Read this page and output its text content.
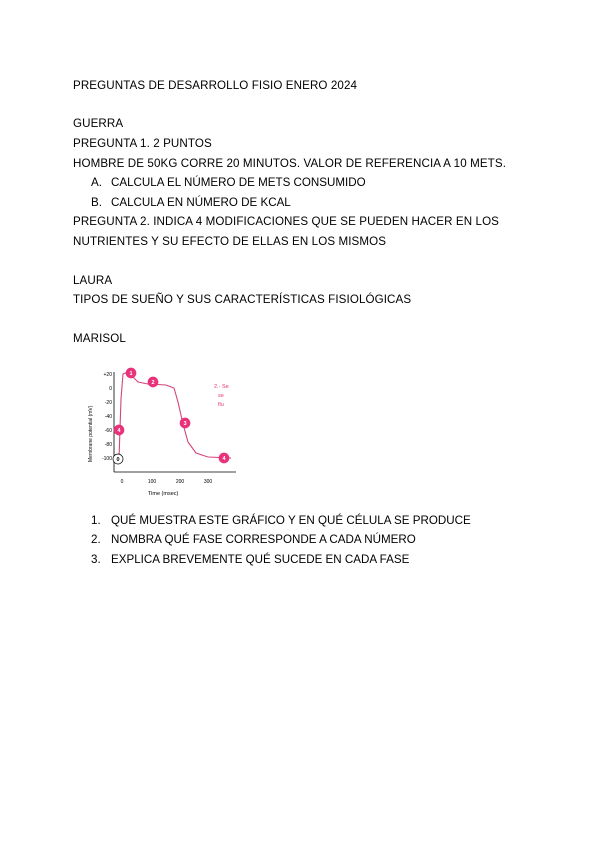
PREGUNTAS DE DESARROLLO FISIO ENERO 2024
GUERRA
PREGUNTA 1. 2 PUNTOS
HOMBRE DE 50KG CORRE 20 MINUTOS. VALOR DE REFERENCIA A 10 METS.
A. CALCULA EL NÚMERO DE METS CONSUMIDO
B. CALCULA EN NÚMERO DE KCAL
PREGUNTA 2. INDICA 4 MODIFICACIONES QUE SE PUEDEN HACER EN LOS
NUTRIENTES Y SU EFECTO DE ELLAS EN LOS MISMOS
LAURA
TIPOS DE SUEÑO Y SUS CARACTERÍSTICAS FISIOLÓGICAS
MARISOL
Membrane potential (mV)
Time (msec)
+20
0
-20
-40
-60
-80
-100
0	100	200	300
0
4
1
2
3
4
2.- Se
se
flu
1. QUÉ MUESTRA ESTE GRÁFICO Y EN QUÉ CÉLULA SE PRODUCE
2. NOMBRA QUÉ FASE CORRESPONDE A CADA NÚMERO
3. EXPLICA BREVEMENTE QUÉ SUCEDE EN CADA FASE
